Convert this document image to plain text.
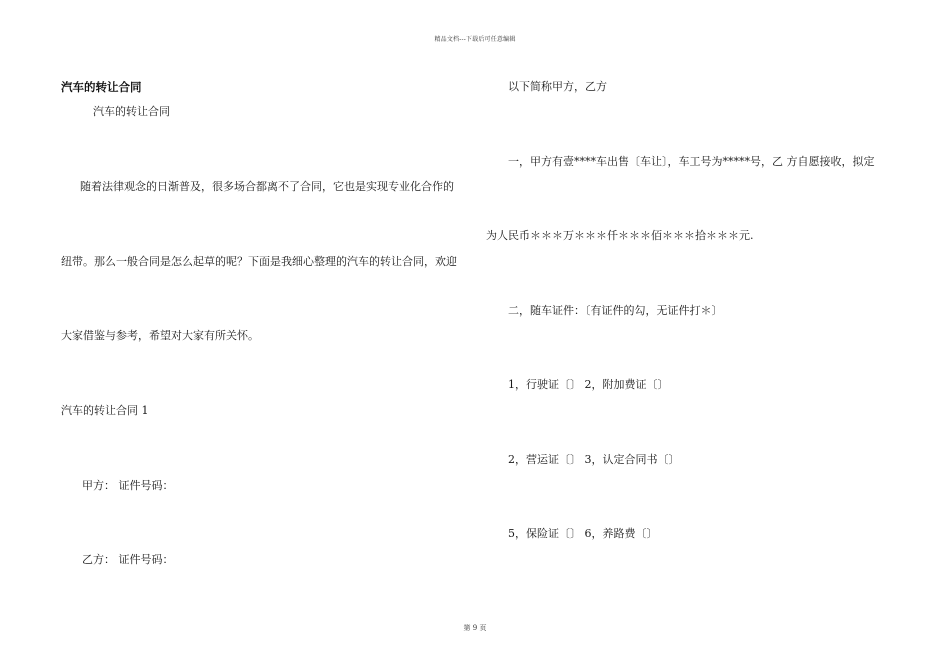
精品文档---下载后可任意编辑
汽车的转让合同
汽车的转让合同
随着法律观念的日渐普及，很多场合都离不了合同，它也是实现专业化合作的
纽带。那么一般合同是怎么起草的呢？下面是我细心整理的汽车的转让合同，欢迎
大家借鉴与参考，希望对大家有所关怀。
汽车的转让合同 1
甲方： 证件号码：
乙方： 证件号码：
以下简称甲方，乙方
一，甲方有壹****车出售〔车让〕，车工号为*****号，乙 方自愿接收，拟定
为人民币＊＊＊万＊＊＊仟＊＊＊佰＊＊＊拾＊＊＊元.
二，随车证件：〔有证件的勾，无证件打＊〕
1，行驶证〔〕 2，附加费证〔〕
2，营运证〔〕 3，认定合同书〔〕
5，保险证〔〕 6，养路费〔〕
第 9 页
